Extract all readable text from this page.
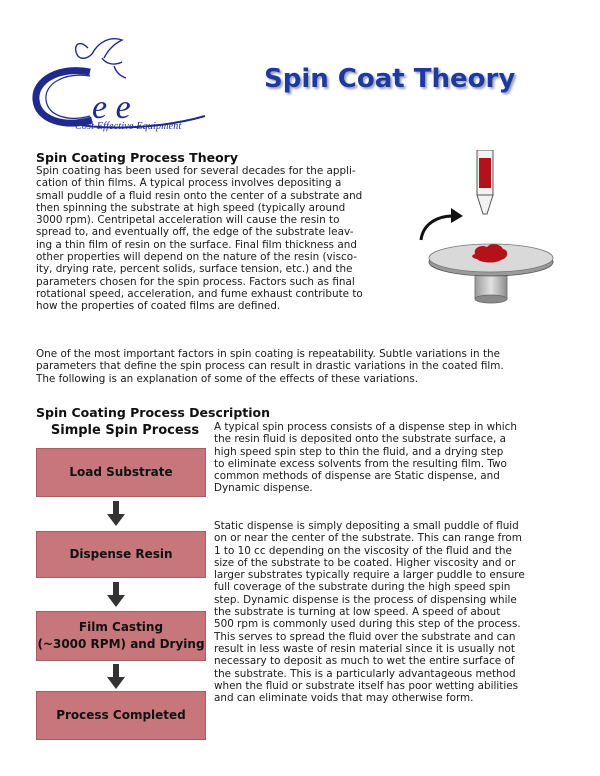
e e
Cost Effective Equipment
Spin Coat Theory
Spin Coating Process Theory
Spin coating has been used for several decades for the appli-
cation of thin films. A typical process involves depositing a
small puddle of a fluid resin onto the center of a substrate and
then spinning the substrate at high speed (typically around
3000 rpm). Centripetal acceleration will cause the resin to
spread to, and eventually off, the edge of the substrate leav-
ing a thin film of resin on the surface. Final film thickness and
other properties will depend on the nature of the resin (visco-
ity, drying rate, percent solids, surface tension, etc.) and the
parameters chosen for the spin process. Factors such as final
rotational speed, acceleration, and fume exhaust contribute to
how the properties of coated films are defined.
One of the most important factors in spin coating is repeatability. Subtle variations in the
parameters that define the spin process can result in drastic variations in the coated film.
The following is an explanation of some of the effects of these variations.
Spin Coating Process Description
Simple Spin Process
Load Substrate
Dispense Resin
Film Casting
(~3000 RPM) and Drying
Process Completed
A typical spin process consists of a dispense step in which
the resin fluid is deposited onto the substrate surface, a
high speed spin step to thin the fluid, and a drying step
to eliminate excess solvents from the resulting film. Two
common methods of dispense are Static dispense, and
Dynamic dispense.
Static dispense is simply depositing a small puddle of fluid
on or near the center of the substrate. This can range from
1 to 10 cc depending on the viscosity of the fluid and the
size of the substrate to be coated. Higher viscosity and or
larger substrates typically require a larger puddle to ensure
full coverage of the substrate during the high speed spin
step. Dynamic dispense is the process of dispensing while
the substrate is turning at low speed. A speed of about
500 rpm is commonly used during this step of the process.
This serves to spread the fluid over the substrate and can
result in less waste of resin material since it is usually not
necessary to deposit as much to wet the entire surface of
the substrate. This is a particularly advantageous method
when the fluid or substrate itself has poor wetting abilities
and can eliminate voids that may otherwise form.
